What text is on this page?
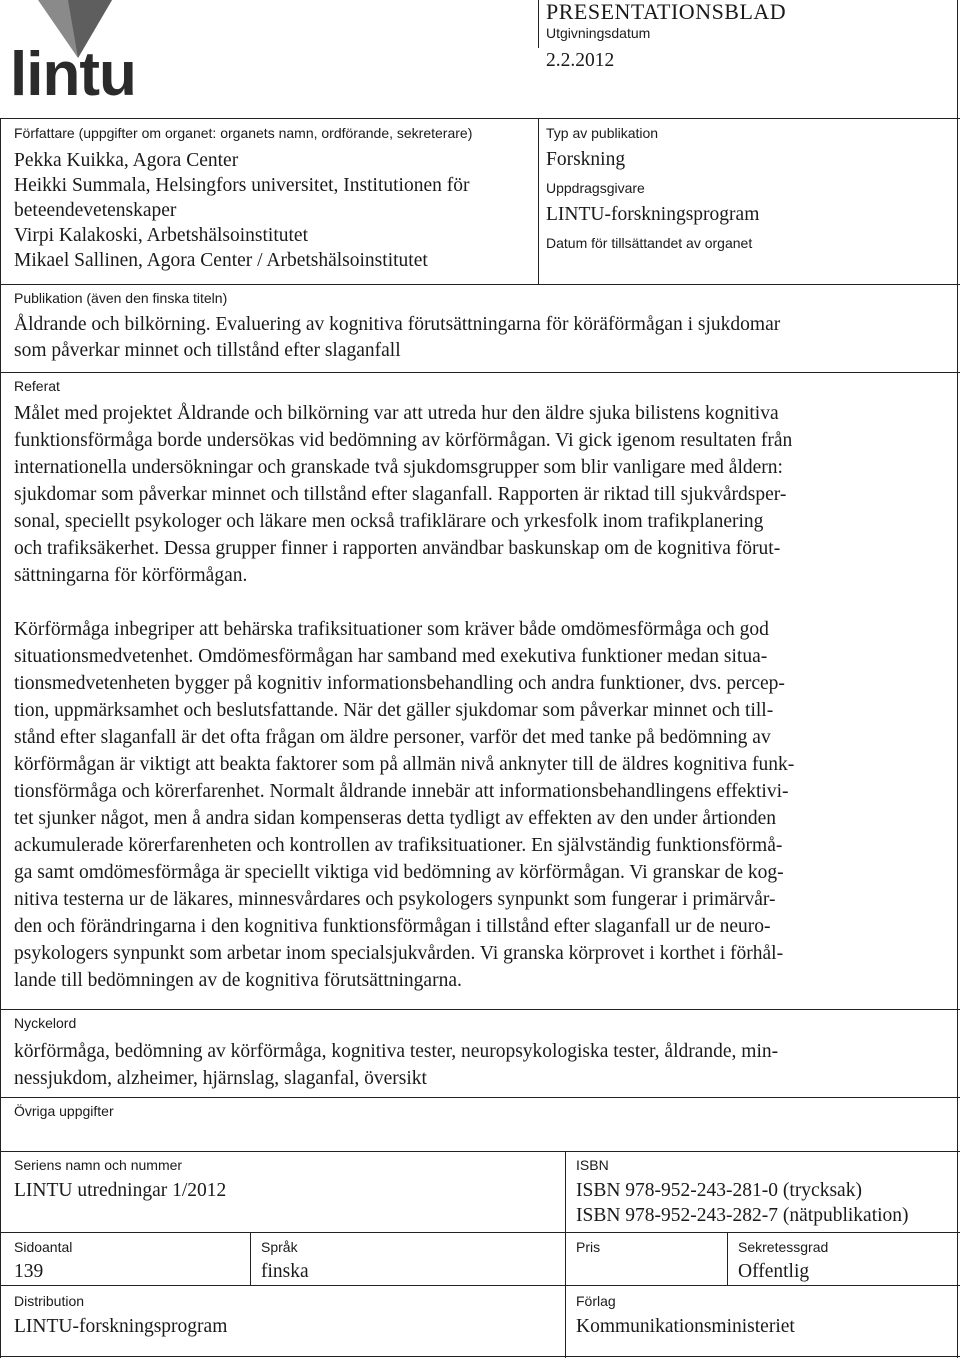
lintu
PRESENTATIONSBLAD
Utgivningsdatum
2.2.2012
Författare (uppgifter om organet: organets namn, ordförande, sekreterare)
Pekka Kuikka, Agora Center
Heikki Summala, Helsingfors universitet, Institutionen för
beteendevetenskaper
Virpi Kalakoski, Arbetshälsoinstitutet
Mikael Sallinen, Agora Center / Arbetshälsoinstitutet
Typ av publikation
Forskning
Uppdragsgivare
LINTU-forskningsprogram
Datum för tillsättandet av organet
Publikation (även den finska titeln)
Åldrande och bilkörning. Evaluering av kognitiva förutsättningarna för köräförmågan i sjukdomar
som påverkar minnet och tillstånd efter slaganfall
Referat
Målet med projektet Åldrande och bilkörning var att utreda hur den äldre sjuka bilistens kognitiva
funktionsförmåga borde undersökas vid bedömning av körförmågan. Vi gick igenom resultaten från
internationella undersökningar och granskade två sjukdomsgrupper som blir vanligare med åldern:
sjukdomar som påverkar minnet och tillstånd efter slaganfall. Rapporten är riktad till sjukvårdsper-
sonal, speciellt psykologer och läkare men också trafiklärare och yrkesfolk inom trafikplanering
och trafiksäkerhet. Dessa grupper finner i rapporten användbar baskunskap om de kognitiva förut-
sättningarna för körförmågan.
Körförmåga inbegriper att behärska trafiksituationer som kräver både omdömesförmåga och god
situationsmedvetenhet. Omdömesförmågan har samband med exekutiva funktioner medan situa-
tionsmedvetenheten bygger på kognitiv informationsbehandling och andra funktioner, dvs. percep-
tion, uppmärksamhet och beslutsfattande. När det gäller sjukdomar som påverkar minnet och till-
stånd efter slaganfall är det ofta frågan om äldre personer, varför det med tanke på bedömning av
körförmågan är viktigt att beakta faktorer som på allmän nivå anknyter till de äldres kognitiva funk-
tionsförmåga och körerfarenhet. Normalt åldrande innebär att informationsbehandlingens effektivi-
tet sjunker något, men å andra sidan kompenseras detta tydligt av effekten av den under årtionden
ackumulerade körerfarenheten och kontrollen av trafiksituationer. En självständig funktionsförmå-
ga samt omdömesförmåga är speciellt viktiga vid bedömning av körförmågan. Vi granskar de kog-
nitiva testerna ur de läkares, minnesvårdares och psykologers synpunkt som fungerar i primärvår-
den och förändringarna i den kognitiva funktionsförmågan i tillstånd efter slaganfall ur de neuro-
psykologers synpunkt som arbetar inom specialsjukvården. Vi granska körprovet i korthet i förhål-
lande till bedömningen av de kognitiva förutsättningarna.
Nyckelord
körförmåga, bedömning av körförmåga, kognitiva tester, neuropsykologiska tester, åldrande, min-
nessjukdom, alzheimer, hjärnslag, slaganfal, översikt
Övriga uppgifter
Seriens namn och nummer
LINTU utredningar 1/2012
ISBN
ISBN 978-952-243-281-0 (trycksak)
ISBN 978-952-243-282-7 (nätpublikation)
Sidoantal
139
Språk
finska
Pris	Sekretessgrad
Offentlig
Distribution
LINTU-forskningsprogram
Förlag
Kommunikationsministeriet
